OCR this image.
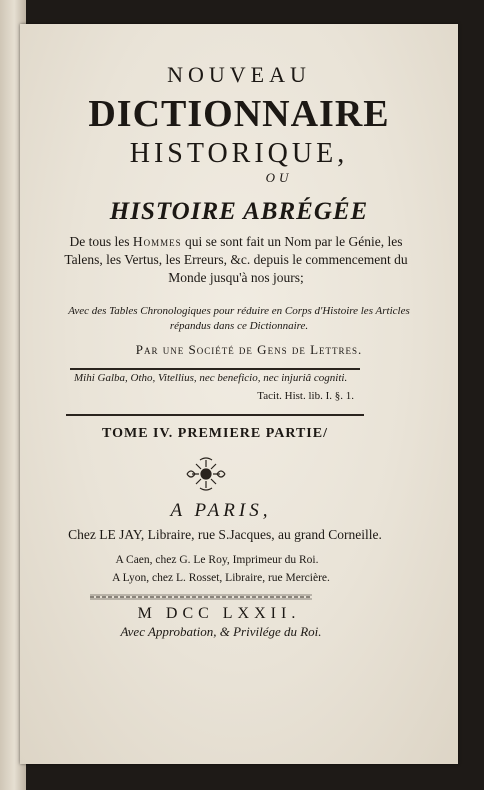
NOUVEAU
DICTIONNAIRE
HISTORIQUE,
OU
HISTOIRE ABRÉGÉE
De tous les Hommes qui se sont fait un Nom par le Génie, les Talens, les Vertus, les Erreurs, &c. depuis le commencement du Monde jusqu'à nos jours;
Avec des Tables Chronologiques pour réduire en Corps d'Histoire les Articles répandus dans ce Dictionnaire.
Par une Société de Gens de Lettres.
Mihi Galba, Otho, Vitellius, nec beneficio, nec injuriâ cogniti.
Tacit. Hist. lib. I. §. 1.
TOME IV. PREMIERE PARTIE/
A PARIS,
Chez LE JAY, Libraire, rue S.Jacques, au grand Corneille.
A Caen, chez G. Le Roy, Imprimeur du Roi.
A Lyon, chez L. Rosset, Libraire, rue Mercière.
M DCC LXXII.
Avec Approbation, & Privilége du Roi.
